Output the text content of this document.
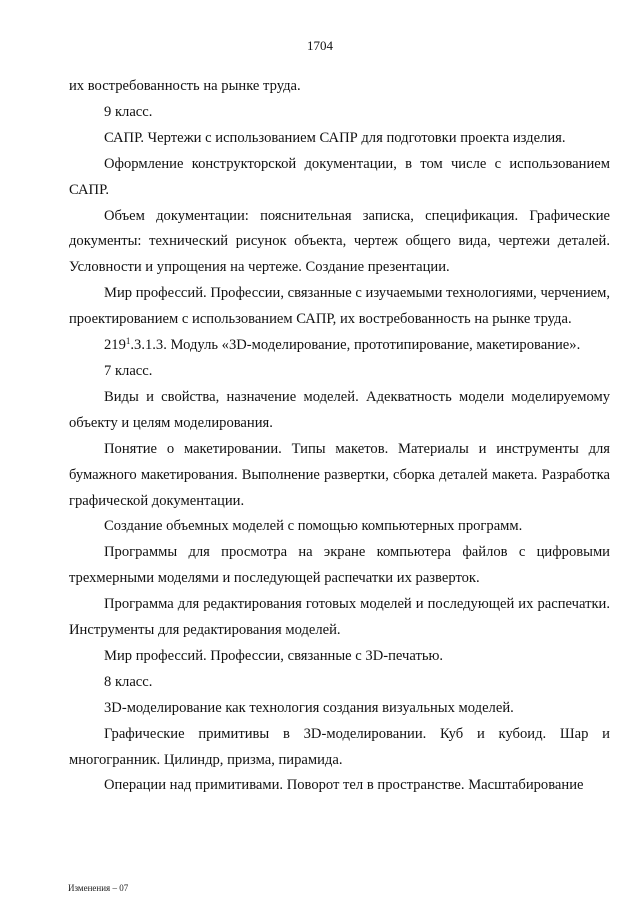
1704

их востребованность на рынке труда.

9 класс.

САПР. Чертежи с использованием САПР для подготовки проекта изделия.

Оформление конструкторской документации, в том числе с использованием САПР.

Объем документации: пояснительная записка, спецификация. Графические документы: технический рисунок объекта, чертеж общего вида, чертежи деталей. Условности и упрощения на чертеже. Создание презентации.

Мир профессий. Профессии, связанные с изучаемыми технологиями, черчением, проектированием с использованием САПР, их востребованность на рынке труда.

$219^1.3.1.3$. Модуль «3D-моделирование, прототипирование, макетирование».

7 класс.

Виды и свойства, назначение моделей. Адекватность модели моделируемому объекту и целям моделирования.

Понятие о макетировании. Типы макетов. Материалы и инструменты для бумажного макетирования. Выполнение развертки, сборка деталей макета. Разработка графической документации.

Создание объемных моделей с помощью компьютерных программ.

Программы для просмотра на экране компьютера файлов с цифровыми трехмерными моделями и последующей распечатки их разверток.

Программа для редактирования готовых моделей и последующей их распечатки. Инструменты для редактирования моделей.

Мир профессий. Профессии, связанные с 3D-печатью.

8 класс.

3D-моделирование как технология создания визуальных моделей.

Графические примитивы в 3D-моделировании. Куб и кубоид. Шар и многогранник. Цилиндр, призма, пирамида.

Операции над примитивами. Поворот тел в пространстве. Масштабирование

Изменения – 07
